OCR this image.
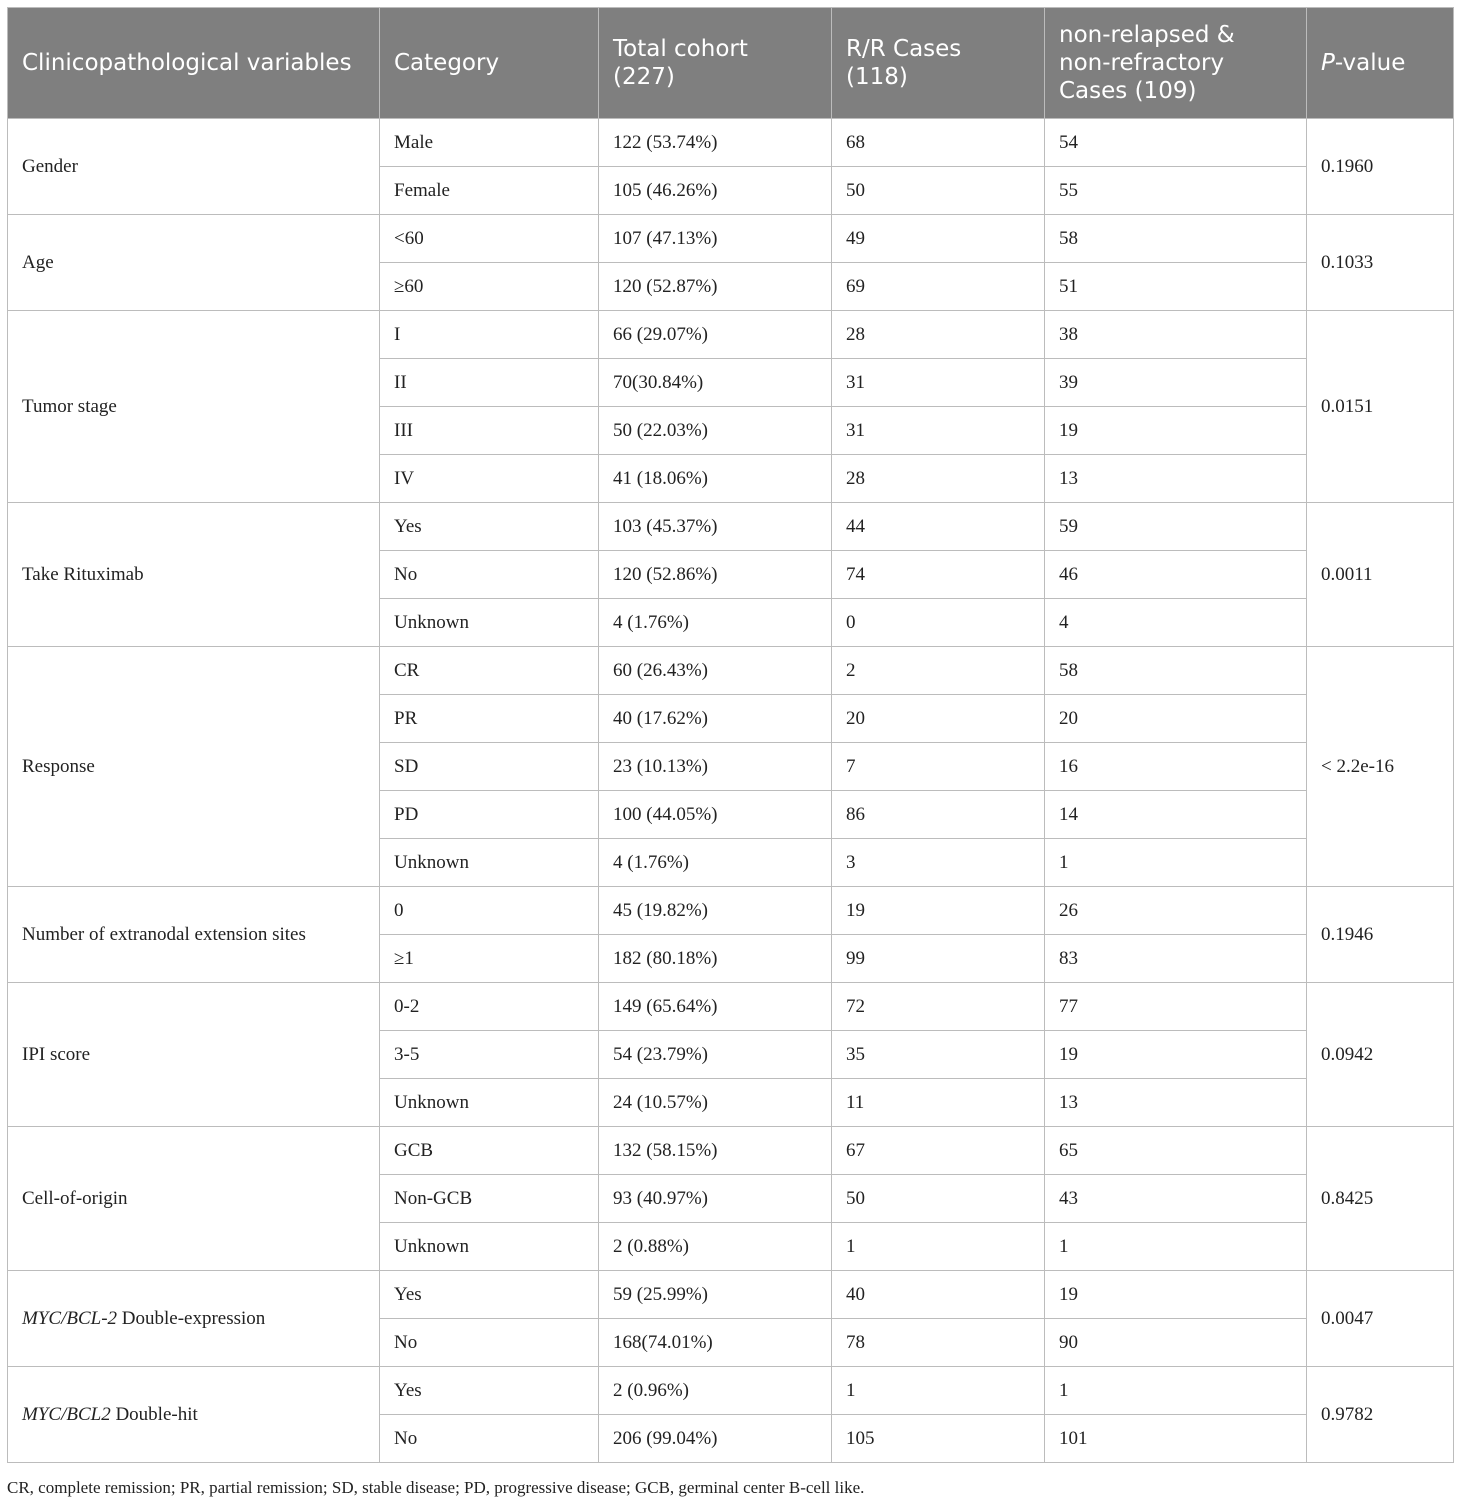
Clinicopathological variables	Category	Total cohort (227)	R/R Cases (118)	non-relapsed & non-refractory Cases (109)	P-value
Gender	Male	122 (53.74%)	68	54	0.1960
	Female	105 (46.26%)	50	55	
Age	<60	107 (47.13%)	49	58	0.1033
	≥60	120 (52.87%)	69	51	
Tumor stage	I	66 (29.07%)	28	38	0.0151
	II	70(30.84%)	31	39	
	III	50 (22.03%)	31	19	
	IV	41 (18.06%)	28	13	
Take Rituximab	Yes	103 (45.37%)	44	59	0.0011
	No	120 (52.86%)	74	46	
	Unknown	4 (1.76%)	0	4	
Response	CR	60 (26.43%)	2	58	< 2.2e-16
	PR	40 (17.62%)	20	20	
	SD	23 (10.13%)	7	16	
	PD	100 (44.05%)	86	14	
	Unknown	4 (1.76%)	3	1	
Number of extranodal extension sites	0	45 (19.82%)	19	26	0.1946
	≥1	182 (80.18%)	99	83	
IPI score	0-2	149 (65.64%)	72	77	0.0942
	3-5	54 (23.79%)	35	19	
	Unknown	24 (10.57%)	11	13	
Cell-of-origin	GCB	132 (58.15%)	67	65	0.8425
	Non-GCB	93 (40.97%)	50	43	
	Unknown	2 (0.88%)	1	1	
MYC/BCL-2 Double-expression	Yes	59 (25.99%)	40	19	0.0047
	No	168(74.01%)	78	90	
MYC/BCL2 Double-hit	Yes	2 (0.96%)	1	1	0.9782
	No	206 (99.04%)	105	101	
CR, complete remission; PR, partial remission; SD, stable disease; PD, progressive disease; GCB, germinal center B-cell like.
